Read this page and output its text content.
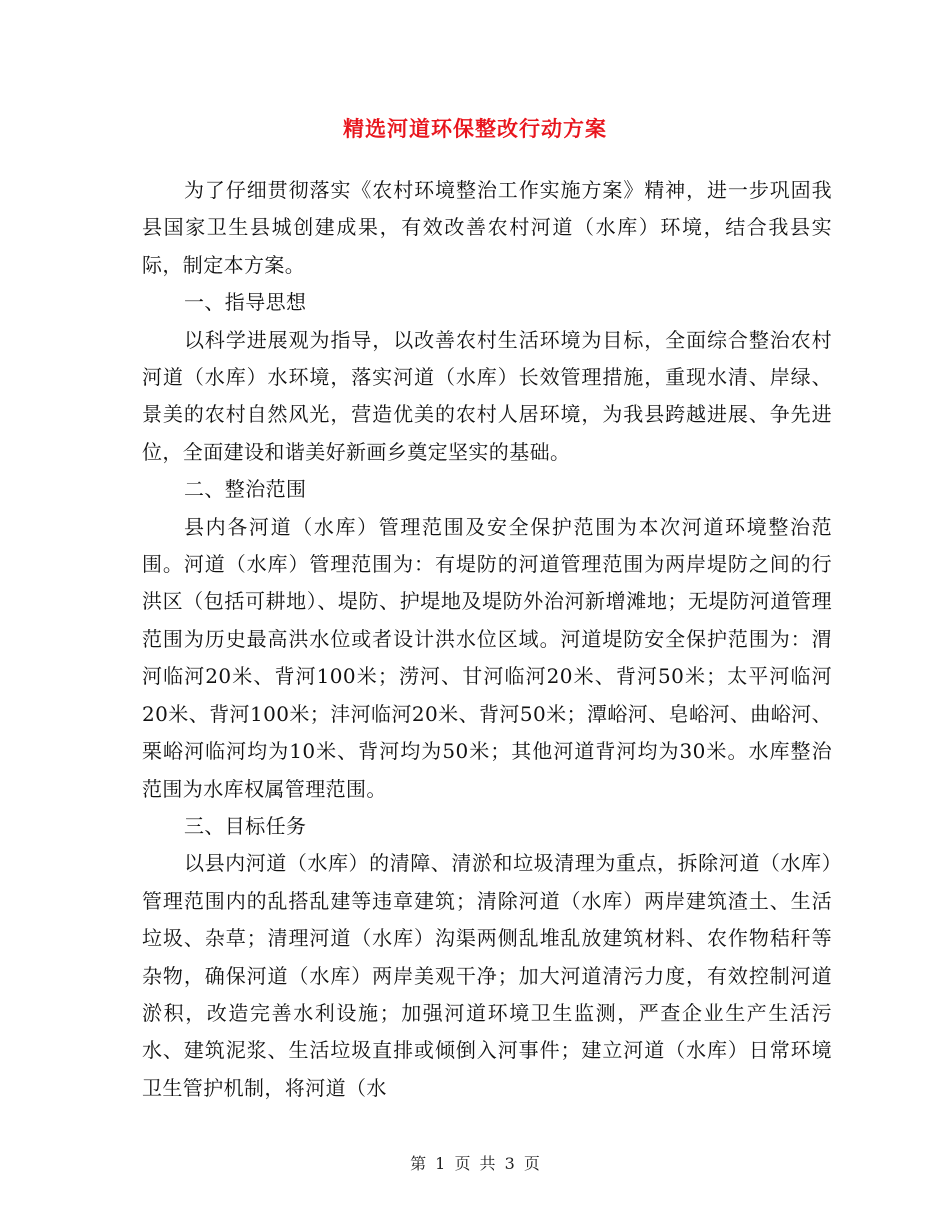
精选河道环保整改行动方案

为了仔细贯彻落实《农村环境整治工作实施方案》精神，进一步巩固我县国家卫生县城创建成果，有效改善农村河道（水库）环境，结合我县实际，制定本方案。

一、指导思想

以科学进展观为指导，以改善农村生活环境为目标，全面综合整治农村河道（水库）水环境，落实河道（水库）长效管理措施，重现水清、岸绿、景美的农村自然风光，营造优美的农村人居环境，为我县跨越进展、争先进位，全面建设和谐美好新画乡奠定坚实的基础。

二、整治范围

县内各河道（水库）管理范围及安全保护范围为本次河道环境整治范围。河道（水库）管理范围为：有堤防的河道管理范围为两岸堤防之间的行洪区（包括可耕地）、堤防、护堤地及堤防外治河新增滩地；无堤防河道管理范围为历史最高洪水位或者设计洪水位区域。河道堤防安全保护范围为：渭河临河20米、背河100米；涝河、甘河临河20米、背河50米；太平河临河20米、背河100米；沣河临河20米、背河50米；潭峪河、皂峪河、曲峪河、栗峪河临河均为10米、背河均为50米；其他河道背河均为30米。水库整治范围为水库权属管理范围。

三、目标任务

以县内河道（水库）的清障、清淤和垃圾清理为重点，拆除河道（水库）管理范围内的乱搭乱建等违章建筑；清除河道（水库）两岸建筑渣土、生活垃圾、杂草；清理河道（水库）沟渠两侧乱堆乱放建筑材料、农作物秸秆等杂物，确保河道（水库）两岸美观干净；加大河道清污力度，有效控制河道淤积，改造完善水利设施；加强河道环境卫生监测，严查企业生产生活污水、建筑泥浆、生活垃圾直排或倾倒入河事件；建立河道（水库）日常环境卫生管护机制，将河道（水

第 1 页 共 3 页
